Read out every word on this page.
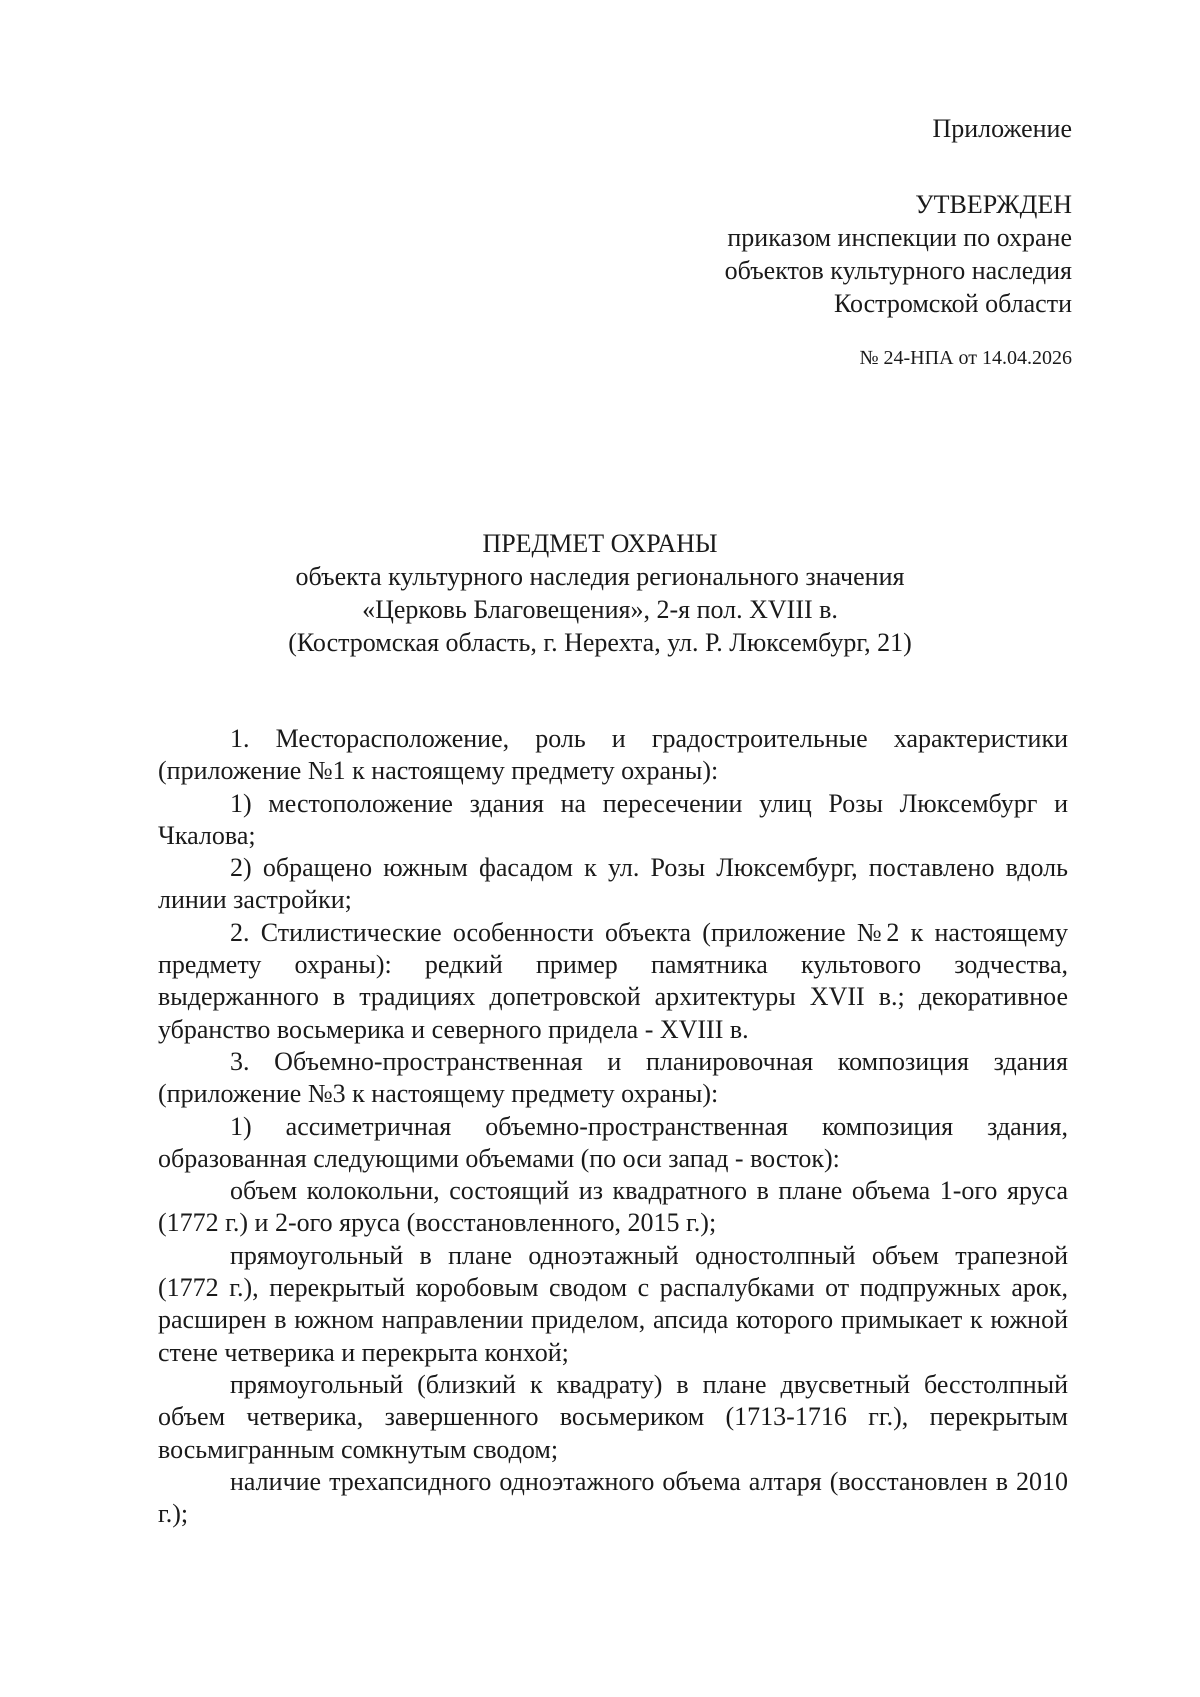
Приложение
УТВЕРЖДЕН
приказом инспекции по охране
объектов культурного наследия
Костромской области
№ 24-НПА от 14.04.2026
ПРЕДМЕТ ОХРАНЫ
объекта культурного наследия регионального значения
«Церковь Благовещения», 2-я пол. XVIII в.
(Костромская область, г. Нерехта, ул. Р. Люксембург, 21)

1. Месторасположение, роль и градостроительные характеристики (приложение №1 к настоящему предмету охраны):

1) местоположение здания на пересечении улиц Розы Люксембург и Чкалова;

2) обращено южным фасадом к ул. Розы Люксембург, поставлено вдоль линии застройки;

2. Стилистические особенности объекта (приложение №2 к настоящему предмету охраны): редкий пример памятника культового зодчества, выдержанного в традициях допетровской архитектуры XVII в.; декоративное убранство восьмерика и северного придела - XVIII в.

3. Объемно-пространственная и планировочная композиция здания (приложение №3 к настоящему предмету охраны):

1) ассиметричная объемно-пространственная композиция здания, образованная следующими объемами (по оси запад - восток):

объем колокольни, состоящий из квадратного в плане объема 1-ого яруса (1772 г.) и 2-ого яруса (восстановленного, 2015 г.);

прямоугольный в плане одноэтажный одностолпный объем трапезной (1772 г.), перекрытый коробовым сводом с распалубками от подпружных арок, расширен в южном направлении приделом, апсида которого примыкает к южной стене четверика и перекрыта конхой;

прямоугольный (близкий к квадрату) в плане двусветный бесстолпный объем четверика, завершенного восьмериком (1713-1716 гг.), перекрытым восьмигранным сомкнутым сводом;

наличие трехапсидного одноэтажного объема алтаря (восстановлен в 2010 г.);
